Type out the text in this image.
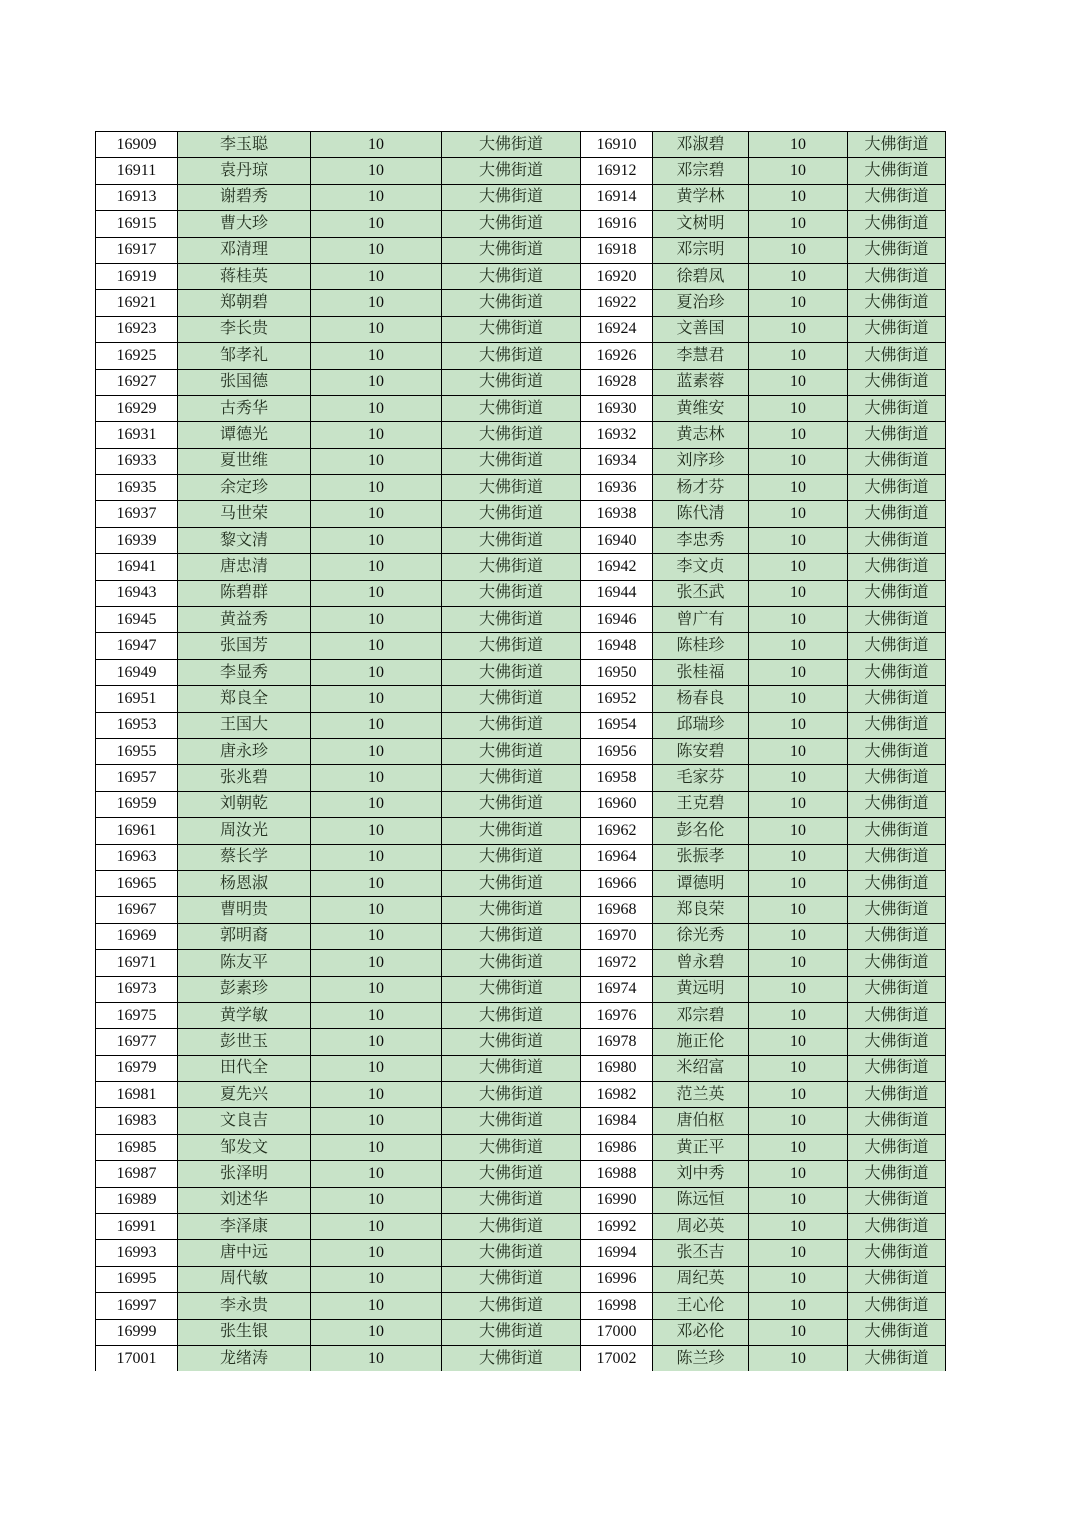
16909	李玉聪	10	大佛街道	16910	邓淑碧	10	大佛街道
16911	袁丹琼	10	大佛街道	16912	邓宗碧	10	大佛街道
16913	谢碧秀	10	大佛街道	16914	黄学林	10	大佛街道
16915	曹大珍	10	大佛街道	16916	文树明	10	大佛街道
16917	邓清理	10	大佛街道	16918	邓宗明	10	大佛街道
16919	蒋桂英	10	大佛街道	16920	徐碧凤	10	大佛街道
16921	郑朝碧	10	大佛街道	16922	夏治珍	10	大佛街道
16923	李长贵	10	大佛街道	16924	文善国	10	大佛街道
16925	邹孝礼	10	大佛街道	16926	李慧君	10	大佛街道
16927	张国德	10	大佛街道	16928	蓝素蓉	10	大佛街道
16929	古秀华	10	大佛街道	16930	黄维安	10	大佛街道
16931	谭德光	10	大佛街道	16932	黄志林	10	大佛街道
16933	夏世维	10	大佛街道	16934	刘序珍	10	大佛街道
16935	余定珍	10	大佛街道	16936	杨才芬	10	大佛街道
16937	马世荣	10	大佛街道	16938	陈代清	10	大佛街道
16939	黎文清	10	大佛街道	16940	李忠秀	10	大佛街道
16941	唐忠清	10	大佛街道	16942	李文贞	10	大佛街道
16943	陈碧群	10	大佛街道	16944	张丕武	10	大佛街道
16945	黄益秀	10	大佛街道	16946	曾广有	10	大佛街道
16947	张国芳	10	大佛街道	16948	陈桂珍	10	大佛街道
16949	李显秀	10	大佛街道	16950	张桂福	10	大佛街道
16951	郑良全	10	大佛街道	16952	杨春良	10	大佛街道
16953	王国大	10	大佛街道	16954	邱瑞珍	10	大佛街道
16955	唐永珍	10	大佛街道	16956	陈安碧	10	大佛街道
16957	张兆碧	10	大佛街道	16958	毛家芬	10	大佛街道
16959	刘朝乾	10	大佛街道	16960	王克碧	10	大佛街道
16961	周汝光	10	大佛街道	16962	彭名伦	10	大佛街道
16963	蔡长学	10	大佛街道	16964	张振孝	10	大佛街道
16965	杨恩淑	10	大佛街道	16966	谭德明	10	大佛街道
16967	曹明贵	10	大佛街道	16968	郑良荣	10	大佛街道
16969	郭明裔	10	大佛街道	16970	徐光秀	10	大佛街道
16971	陈友平	10	大佛街道	16972	曾永碧	10	大佛街道
16973	彭素珍	10	大佛街道	16974	黄远明	10	大佛街道
16975	黄学敏	10	大佛街道	16976	邓宗碧	10	大佛街道
16977	彭世玉	10	大佛街道	16978	施正伦	10	大佛街道
16979	田代全	10	大佛街道	16980	米绍富	10	大佛街道
16981	夏先兴	10	大佛街道	16982	范兰英	10	大佛街道
16983	文良吉	10	大佛街道	16984	唐伯枢	10	大佛街道
16985	邹发文	10	大佛街道	16986	黄正平	10	大佛街道
16987	张泽明	10	大佛街道	16988	刘中秀	10	大佛街道
16989	刘述华	10	大佛街道	16990	陈远恒	10	大佛街道
16991	李泽康	10	大佛街道	16992	周必英	10	大佛街道
16993	唐中远	10	大佛街道	16994	张丕吉	10	大佛街道
16995	周代敏	10	大佛街道	16996	周纪英	10	大佛街道
16997	李永贵	10	大佛街道	16998	王心伦	10	大佛街道
16999	张生银	10	大佛街道	17000	邓必伦	10	大佛街道
17001	龙绪涛	10	大佛街道	17002	陈兰珍	10	大佛街道
